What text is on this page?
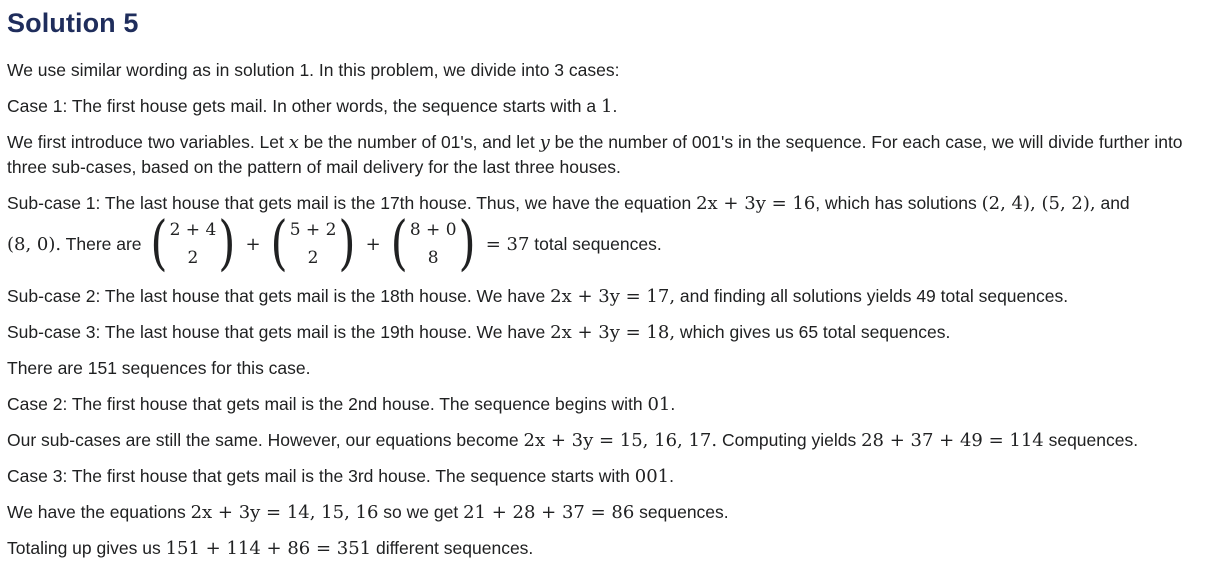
Solution 5

We use similar wording as in solution 1. In this problem, we divide into 3 cases:

Case 1: The first house gets mail. In other words, the sequence starts with a 1.

We first introduce two variables. Let x be the number of 01's, and let y be the number of 001's in the sequence. For each case, we will divide further into three sub-cases, based on the pattern of mail delivery for the last three houses.

Sub-case 1: The last house that gets mail is the 17th house. Thus, we have the equation 2x + 3y = 16, which has solutions (2, 4), (5, 2), and

(8, 0). There are ( 2 + 4
2 ) + ( 5 + 2
2 ) + ( 8 + 0
8 ) = 37 total sequences.

Sub-case 2: The last house that gets mail is the 18th house. We have 2x + 3y = 17, and finding all solutions yields 49 total sequences.

Sub-case 3: The last house that gets mail is the 19th house. We have 2x + 3y = 18, which gives us 65 total sequences.

There are 151 sequences for this case.

Case 2: The first house that gets mail is the 2nd house. The sequence begins with 01.

Our sub-cases are still the same. However, our equations become 2x + 3y = 15, 16, 17. Computing yields 28 + 37 + 49 = 114 sequences.

Case 3: The first house that gets mail is the 3rd house. The sequence starts with 001.

We have the equations 2x + 3y = 14, 15, 16 so we get 21 + 28 + 37 = 86 sequences.

Totaling up gives us 151 + 114 + 86 = 351 different sequences.
